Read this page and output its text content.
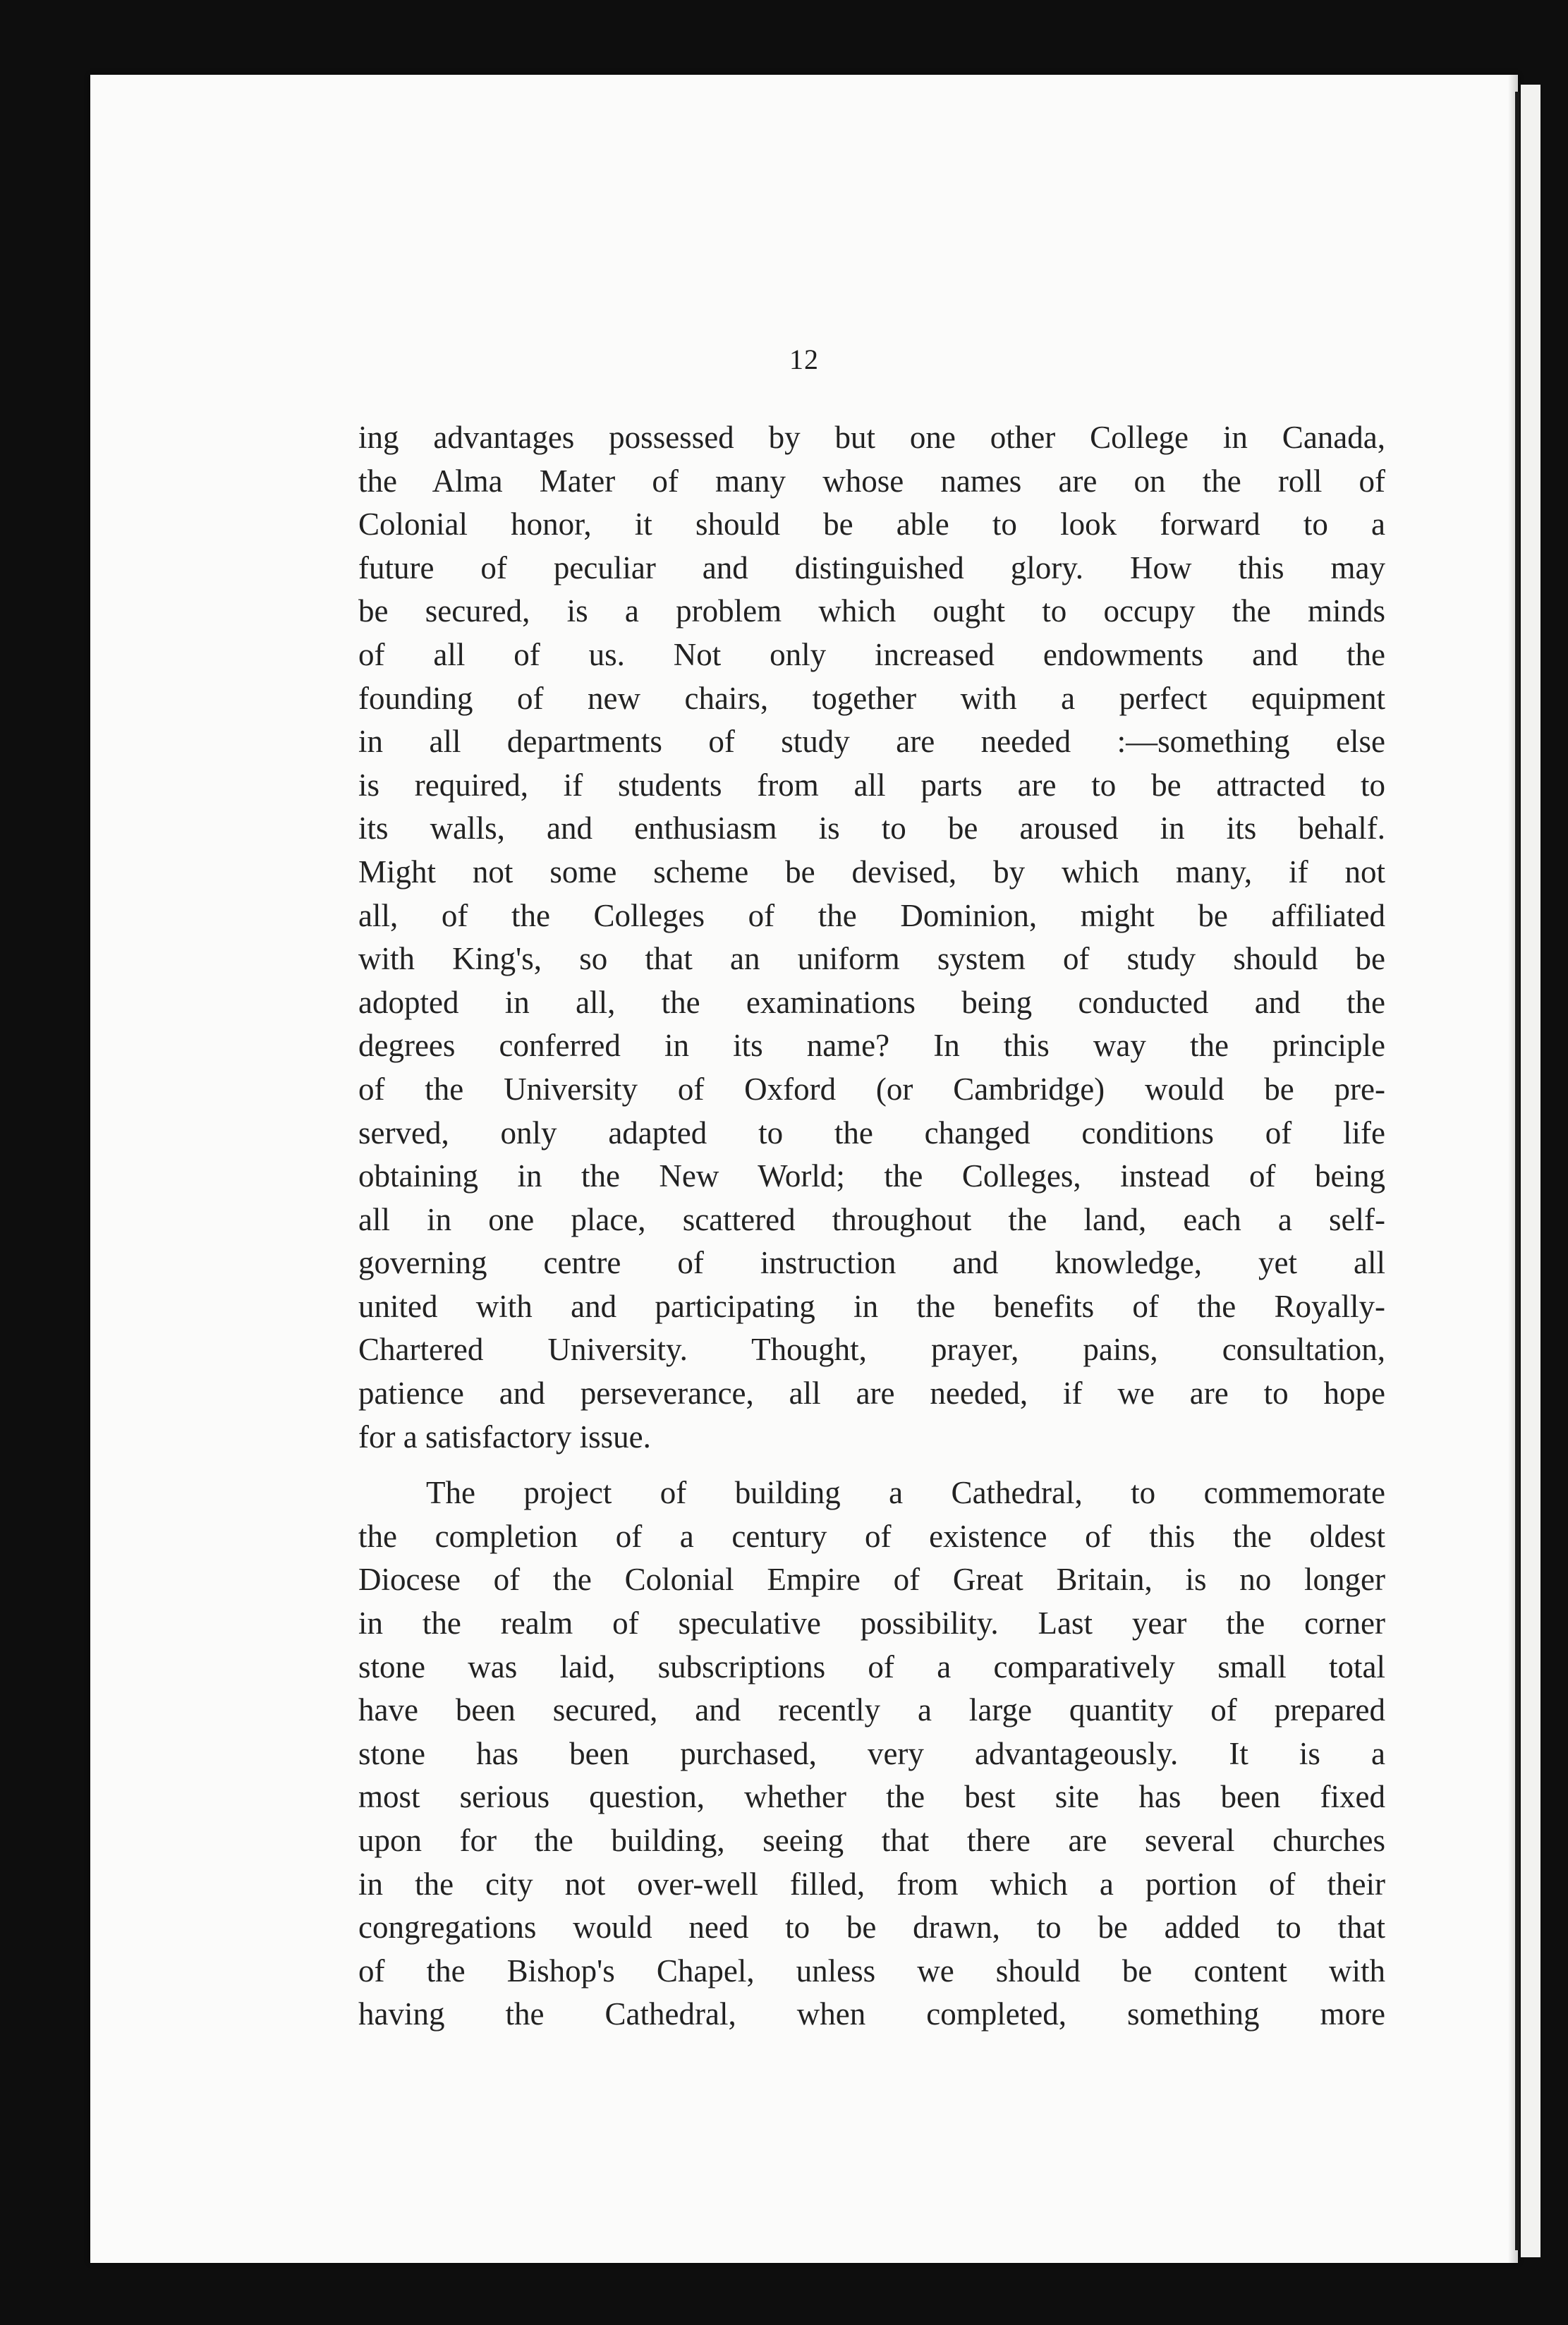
12

ing advantages possessed by but one other College in Canada,
the Alma Mater of many whose names are on the roll of
Colonial honor, it should be able to look forward to a
future of peculiar and distinguished glory. How this may
be secured, is a problem which ought to occupy the minds
of all of us. Not only increased endowments and the
founding of new chairs, together with a perfect equipment
in all departments of study are needed :—something else
is required, if students from all parts are to be attracted to
its walls, and enthusiasm is to be aroused in its behalf.
Might not some scheme be devised, by which many, if not
all, of the Colleges of the Dominion, might be affiliated
with King's, so that an uniform system of study should be
adopted in all, the examinations being conducted and the
degrees conferred in its name? In this way the principle
of the University of Oxford (or Cambridge) would be pre-
served, only adapted to the changed conditions of life
obtaining in the New World; the Colleges, instead of being
all in one place, scattered throughout the land, each a self-
governing centre of instruction and knowledge, yet all
united with and participating in the benefits of the Royally-
Chartered University. Thought, prayer, pains, consultation,
patience and perseverance, all are needed, if we are to hope
for a satisfactory issue.

The project of building a Cathedral, to commemorate
the completion of a century of existence of this the oldest
Diocese of the Colonial Empire of Great Britain, is no longer
in the realm of speculative possibility. Last year the corner
stone was laid, subscriptions of a comparatively small total
have been secured, and recently a large quantity of prepared
stone has been purchased, very advantageously. It is a
most serious question, whether the best site has been fixed
upon for the building, seeing that there are several churches
in the city not over-well filled, from which a portion of their
congregations would need to be drawn, to be added to that
of the Bishop's Chapel, unless we should be content with
having the Cathedral, when completed, something more
